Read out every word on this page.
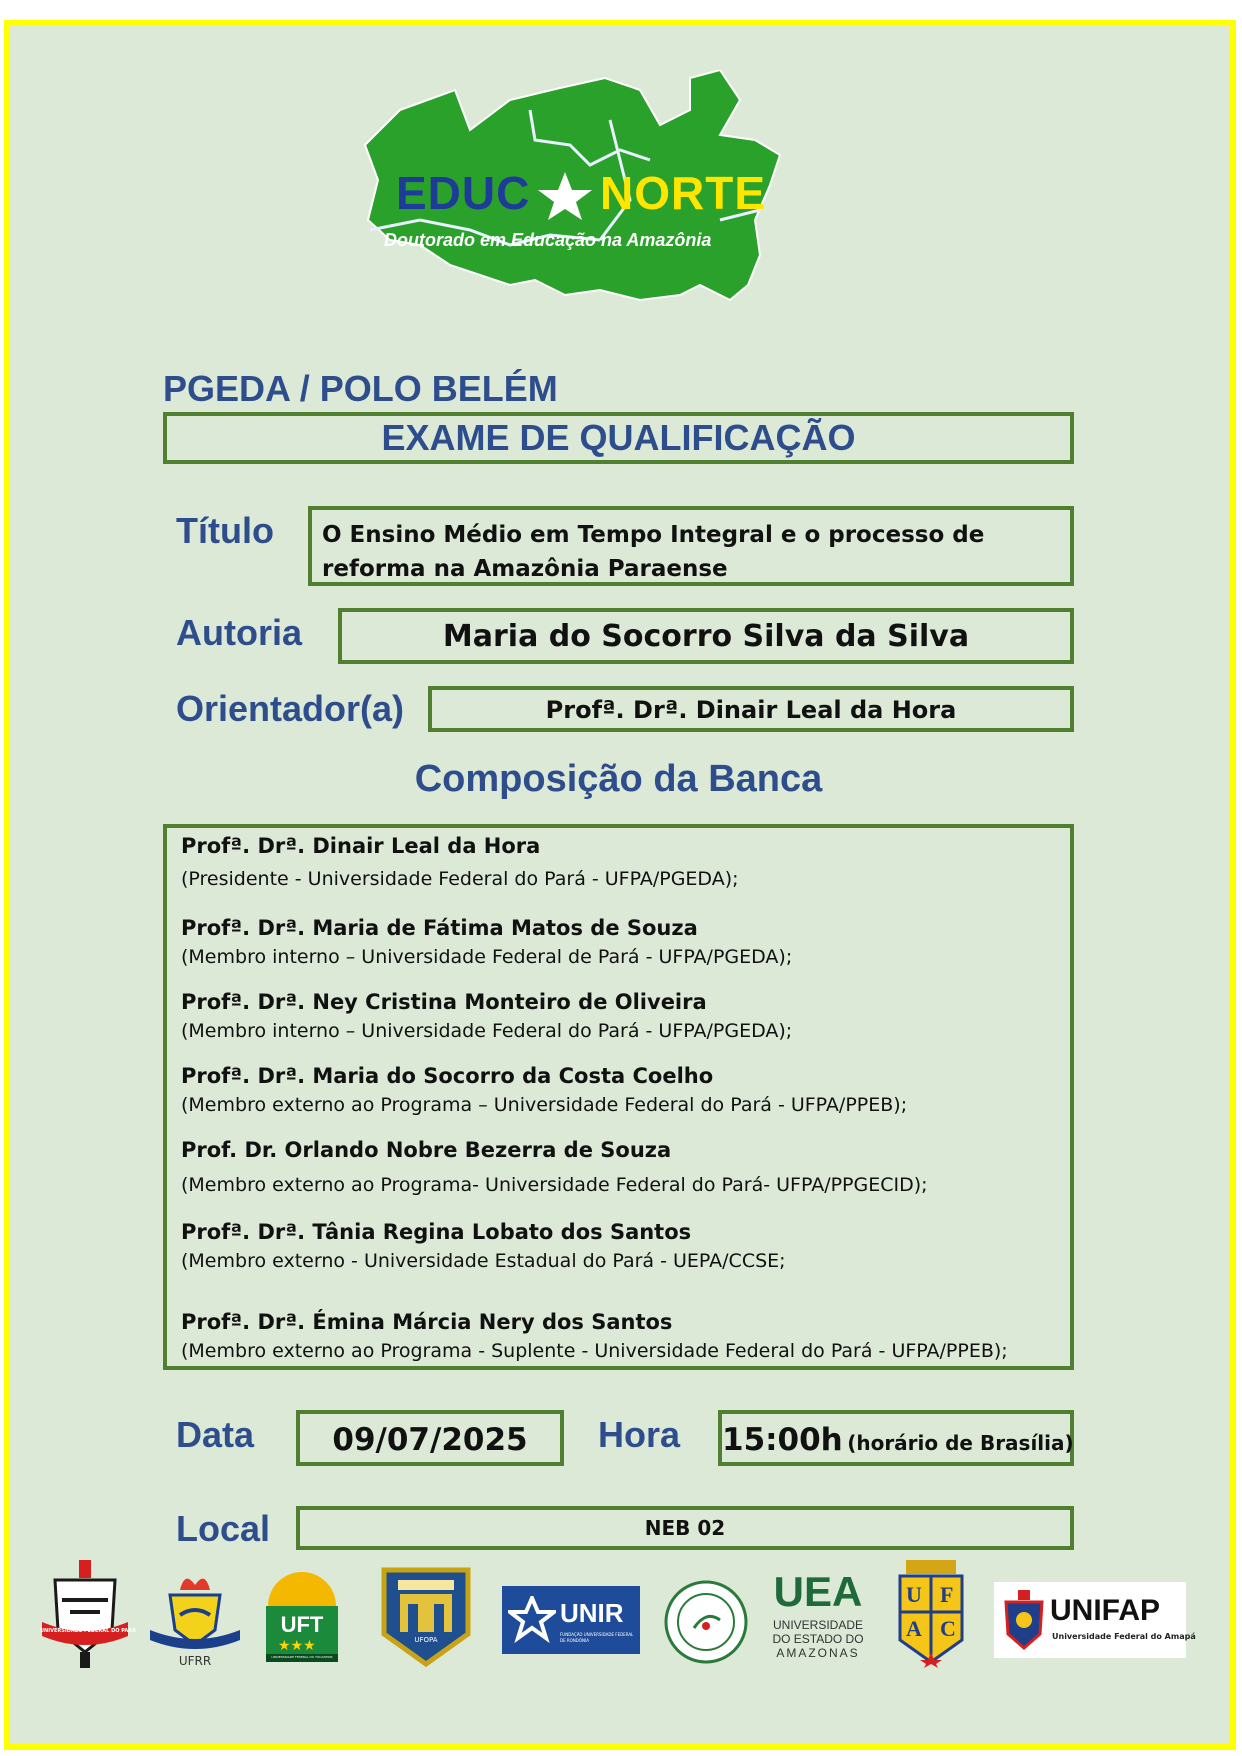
EDUC NORTE
Doutorado em Educação na Amazônia
PGEDA / POLO BELÉM
EXAME DE QUALIFICAÇÃO
Título O Ensino Médio em Tempo Integral e o processo de reforma na Amazônia Paraense
Autoria	Maria do Socorro Silva da Silva
Orientador(a)	Profª. Drª. Dinair Leal da Hora
Composição da Banca
Profª. Drª. Dinair Leal da Hora
(Presidente - Universidade Federal do Pará - UFPA/PGEDA);
Profª. Drª. Maria de Fátima Matos de Souza
(Membro interno – Universidade Federal de Pará - UFPA/PGEDA);
Profª. Drª. Ney Cristina Monteiro de Oliveira
(Membro interno – Universidade Federal do Pará - UFPA/PGEDA);
Profª. Drª. Maria do Socorro da Costa Coelho
(Membro externo ao Programa – Universidade Federal do Pará - UFPA/PPEB);
Prof. Dr. Orlando Nobre Bezerra de Souza
(Membro externo ao Programa- Universidade Federal do Pará- UFPA/PPGECID);
Profª. Drª. Tânia Regina Lobato dos Santos
(Membro externo - Universidade Estadual do Pará - UEPA/CCSE;
Profª. Drª. Émina Márcia Nery dos Santos
(Membro externo ao Programa - Suplente - Universidade Federal do Pará - UFPA/PPEB);
Data	09/07/2025	Hora 15:00h (horário de Brasília)
Local	NEB 02
UNIVERSIDADE FEDERAL DO PARÁ
UFRR
★★★
UFT
UNIVERSIDADE FEDERAL DO TOCANTINS
UFOPA
UNIR
FUNDAÇÃO UNIVERSIDADE FEDERAL DE RONDÔNIA
UEA
UNIVERSIDADE
DO ESTADO DO
AMAZONAS
U F
A C
UNIFAP
Universidade Federal do Amapá
